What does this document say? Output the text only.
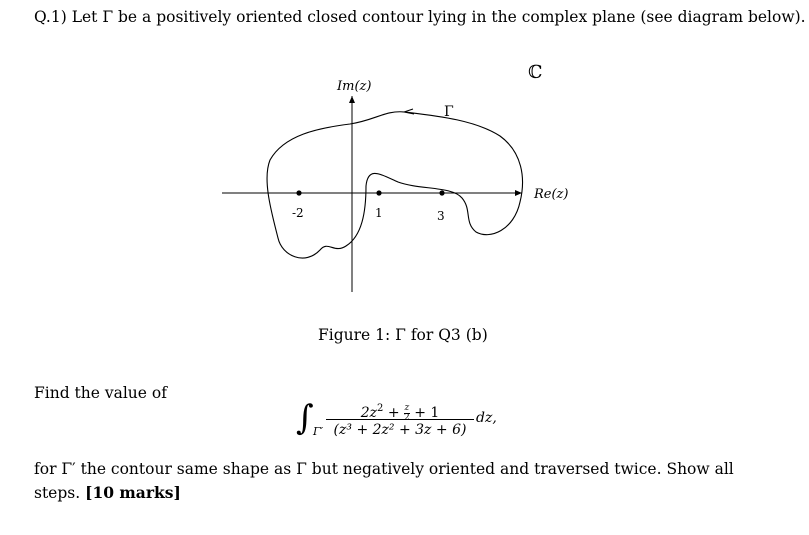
Q.1) Let Γ be a positively oriented closed contour lying in the complex plane (see diagram below).
-2	1	3
Im(z)
Re(z)
Γ
ℂ
Figure 1: Γ for Q3 (b)
Find the value of
∫ Γ′
$2z^2 + \frac{z}{2} + 1$
(z³ + 2z² + 3z + 6)
dz,
for Γ′ the contour same shape as Γ but negatively oriented and traversed twice. Show all steps. [10 marks]
